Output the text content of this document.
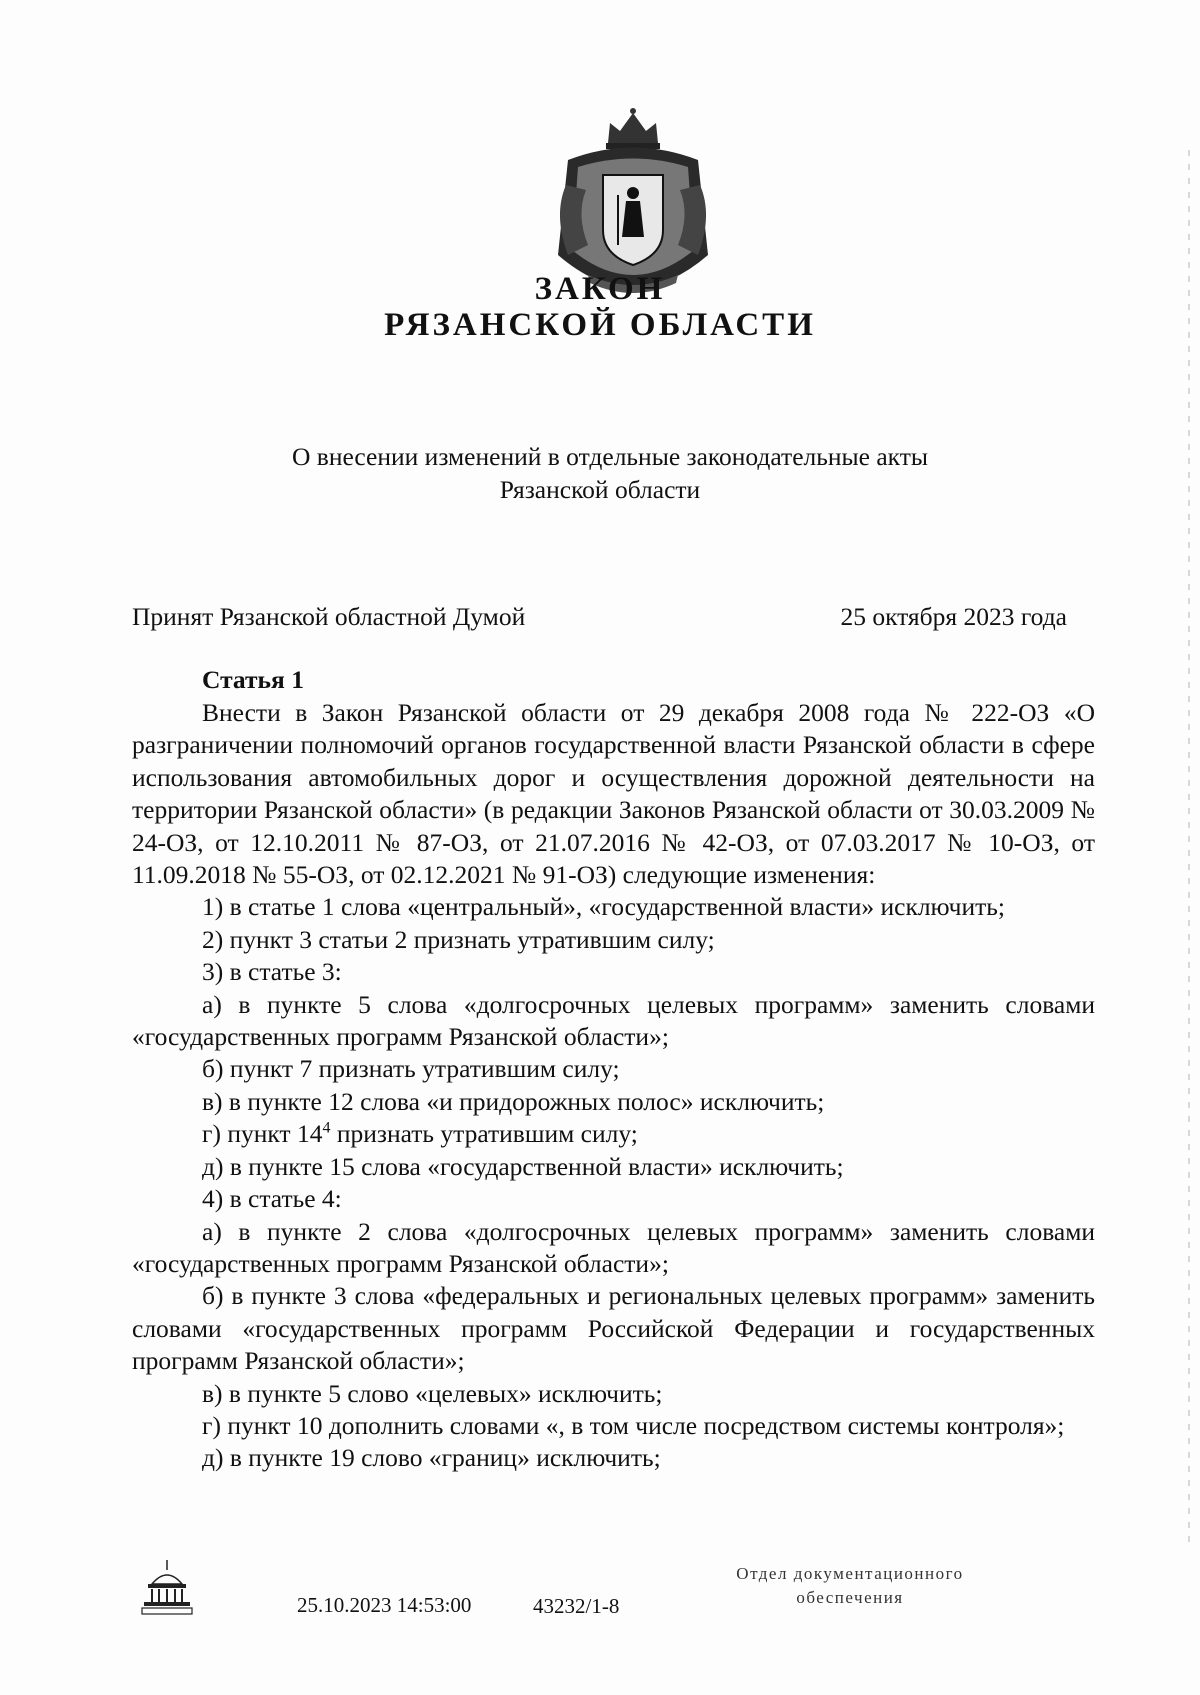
ЗАКОН
РЯЗАНСКОЙ ОБЛАСТИ
О внесении изменений в отдельные законодательные акты
Рязанской области
Принят Рязанской областной Думой	25 октября 2023 года
Статья 1

Внести в Закон Рязанской области от 29 декабря 2008 года № 222-ОЗ «О разграничении полномочий органов государственной власти Рязанской области в сфере использования автомобильных дорог и осуществления дорожной деятельности на территории Рязанской области» (в редакции Законов Рязанской области от 30.03.2009 № 24-ОЗ, от 12.10.2011 № 87-ОЗ, от 21.07.2016 № 42-ОЗ, от 07.03.2017 № 10-ОЗ, от 11.09.2018 № 55-ОЗ, от 02.12.2021 № 91-ОЗ) следующие изменения:

1) в статье 1 слова «центральный», «государственной власти» исключить;

2) пункт 3 статьи 2 признать утратившим силу;

3) в статье 3:

а) в пункте 5 слова «долгосрочных целевых программ» заменить словами «государственных программ Рязанской области»;

б) пункт 7 признать утратившим силу;

в) в пункте 12 слова «и придорожных полос» исключить;

г) пункт $14^4$ признать утратившим силу;

д) в пункте 15 слова «государственной власти» исключить;

4) в статье 4:

а) в пункте 2 слова «долгосрочных целевых программ» заменить словами «государственных программ Рязанской области»;

б) в пункте 3 слова «федеральных и региональных целевых программ» заменить словами «государственных программ Российской Федерации и государственных программ Рязанской области»;

в) в пункте 5 слово «целевых» исключить;

г) пункт 10 дополнить словами «, в том числе посредством системы контроля»;

д) в пункте 19 слово «границ» исключить;

25.10.2023 14:53:00	43232/1-8
Отдел документационного
обеспечения
